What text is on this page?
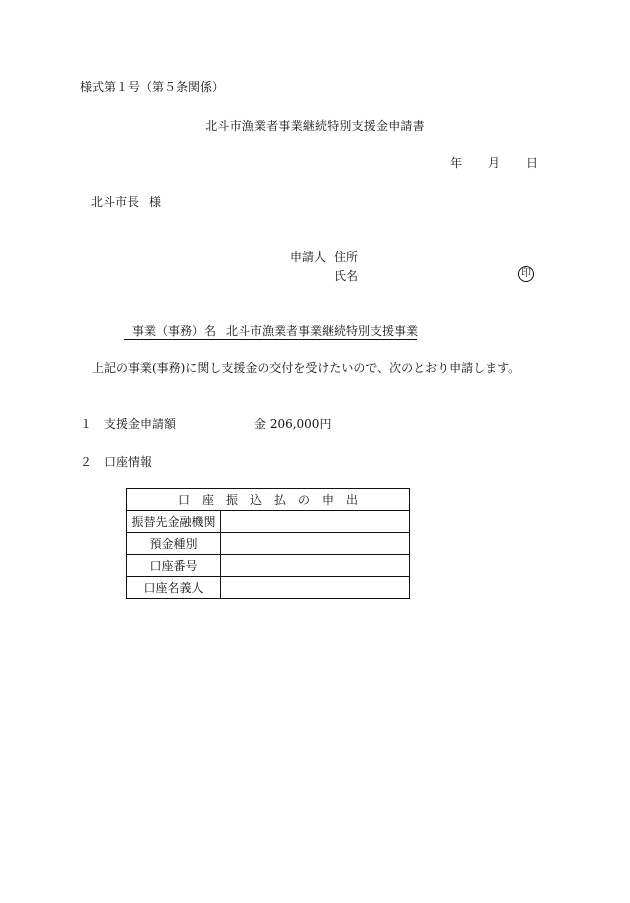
様式第１号（第５条関係）
北斗市漁業者事業継続特別支援金申請書
年 月 日
北斗市長 様
申請人 住所
氏名	印
事業（事務）名 北斗市漁業者事業継続特別支援事業
上記の事業(事務)に関し支援金の交付を受けたいので、次のとおり申請します。
１ 支援金申請額	金 206,000円
２ 口座情報
口座振込払の申出	
振替先金融機関	
預金種別	
口座番号	
口座名義人	
